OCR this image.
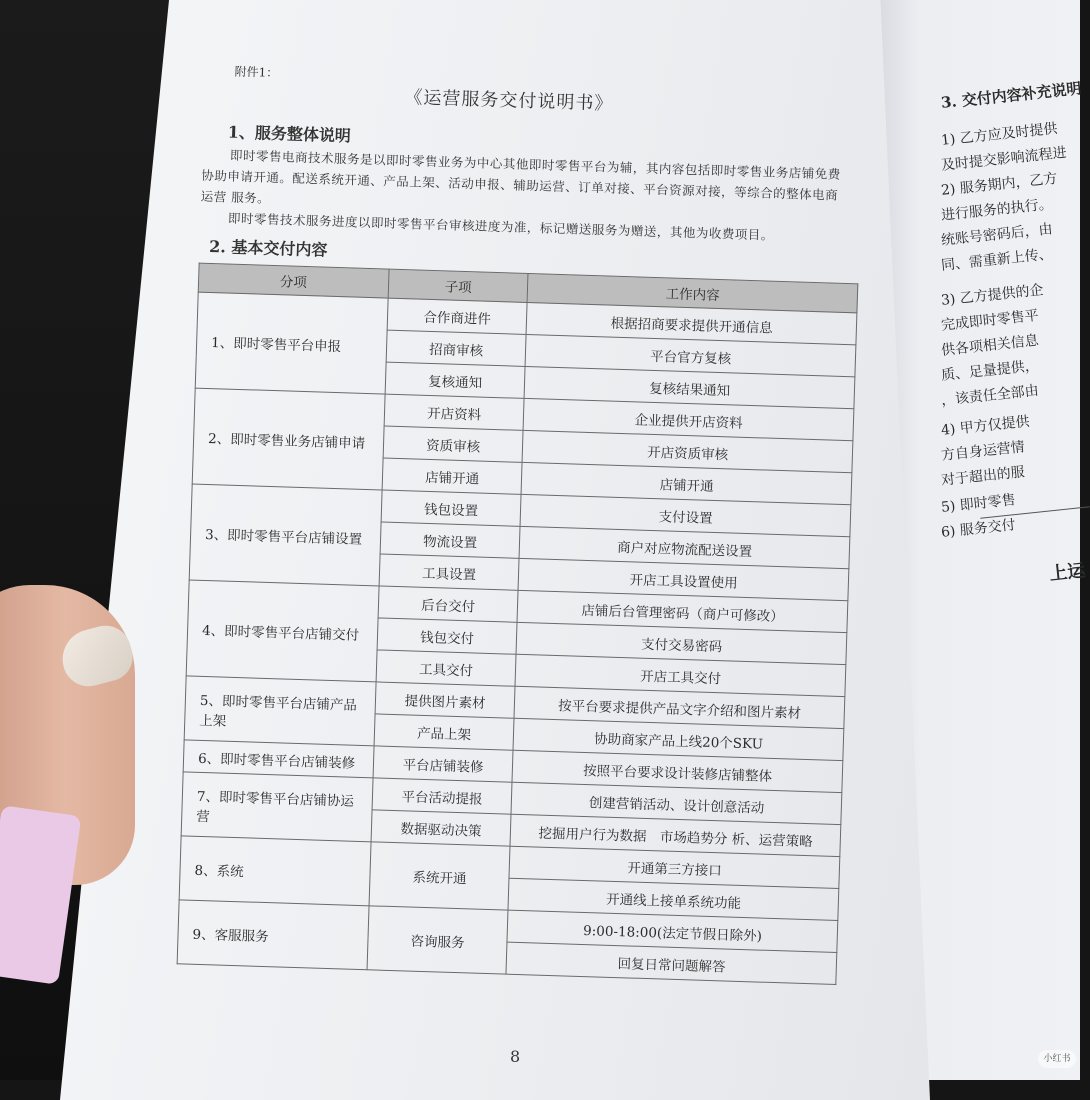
3. 交付内容补充说明
1) 乙方应及时提供
及时提交影响流程进
2) 服务期内，乙方
进行服务的执行。
统账号密码后，由
同、需重新上传、
3) 乙方提供的企
完成即时零售平
供各项相关信息
质、足量提供，
，该责任全部由
4) 甲方仅提供
方自身运营情
对于超出的服
5) 即时零售
6) 服务交付
上运
附件1：
《运营服务交付说明书》
1、服务整体说明

即时零售电商技术服务是以即时零售业务为中心其他即时零售平台为辅，其内容包括即时零售业务店铺免费协助申请开通。配送系统开通、产品上架、活动申报、辅助运营、订单对接、平台资源对接，等综合的整体电商运营 服务。

即时零售技术服务进度以即时零售平台审核进度为准，标记赠送服务为赠送，其他为收费项目。

2. 基本交付内容
分项	子项	工作内容
1、即时零售平台申报	合作商进件	根据招商要求提供开通信息
	招商审核	平台官方复核
	复核通知	复核结果通知
2、即时零售业务店铺申请	开店资料	企业提供开店资料
	资质审核	开店资质审核
	店铺开通	店铺开通
3、即时零售平台店铺设置	钱包设置	支付设置
	物流设置	商户对应物流配送设置
	工具设置	开店工具设置使用
4、即时零售平台店铺交付	后台交付	店铺后台管理密码（商户可修改）
	钱包交付	支付交易密码
	工具交付	开店工具交付
5、即时零售平台店铺产品上架	提供图片素材	按平台要求提供产品文字介绍和图片素材
	产品上架	协助商家产品上线20个SKU
6、即时零售平台店铺装修	平台店铺装修	按照平台要求设计装修店铺整体
7、即时零售平台店铺协运营	平台活动提报	创建营销活动、设计创意活动
	数据驱动决策	挖掘用户行为数据　市场趋势分 析、运营策略
8、系统	系统开通	开通第三方接口
		开通线上接单系统功能
9、客服服务	咨询服务	9:00-18:00(法定节假日除外)
		回复日常问题解答
8	小红书
